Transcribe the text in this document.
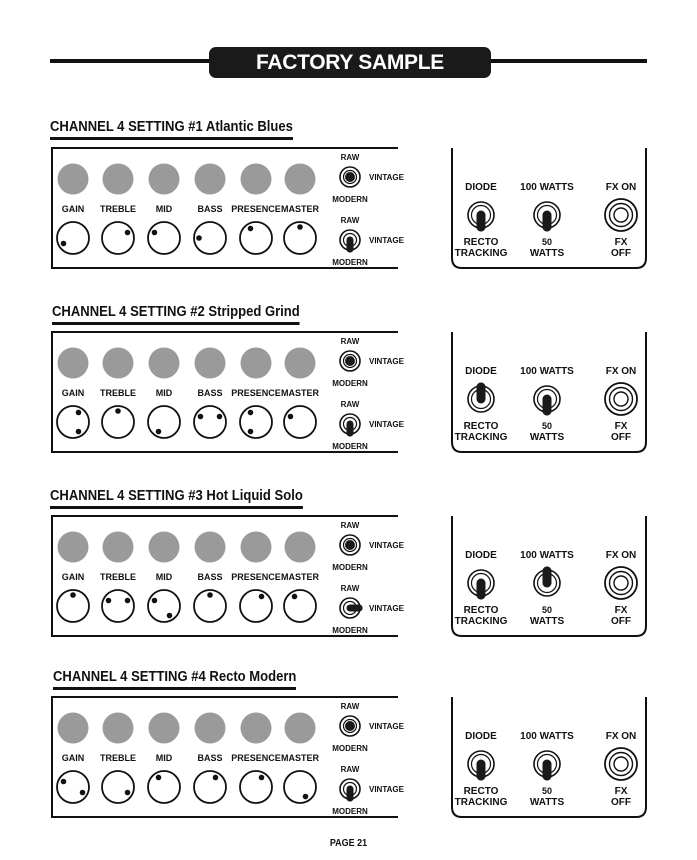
FACTORY SAMPLE SETTINGS:
CHANNEL 4 SETTING #1 Atlantic Blues
CHANNEL 4 SETTING #2 Stripped Grind
CHANNEL 4 SETTING #3 Hot Liquid Solo
CHANNEL 4 SETTING #4 Recto Modern
GAIN TREBLE MID	BASS PRESENCE MASTER
RAW
VINTAGE
MODERN
RAW
VINTAGE
MODERN
DIODE
RECTO
TRACKING
100 WATTS
50
WATTS
FX ON
FX
OFF
GAIN TREBLE MID	BASS PRESENCE MASTER
RAW
VINTAGE
MODERN
RAW
VINTAGE
MODERN
DIODE
RECTO
TRACKING
100 WATTS
50
WATTS
FX ON
FX
OFF
GAIN TREBLE MID	BASS PRESENCE MASTER
RAW
VINTAGE
MODERN
RAW
VINTAGE
MODERN
DIODE
RECTO
TRACKING
100 WATTS
50
WATTS
FX ON
FX
OFF
GAIN TREBLE MID	BASS PRESENCE MASTER
RAW
VINTAGE
MODERN
RAW
VINTAGE
MODERN
DIODE
RECTO
TRACKING
100 WATTS
50
WATTS
FX ON
FX
OFF
PAGE 21
